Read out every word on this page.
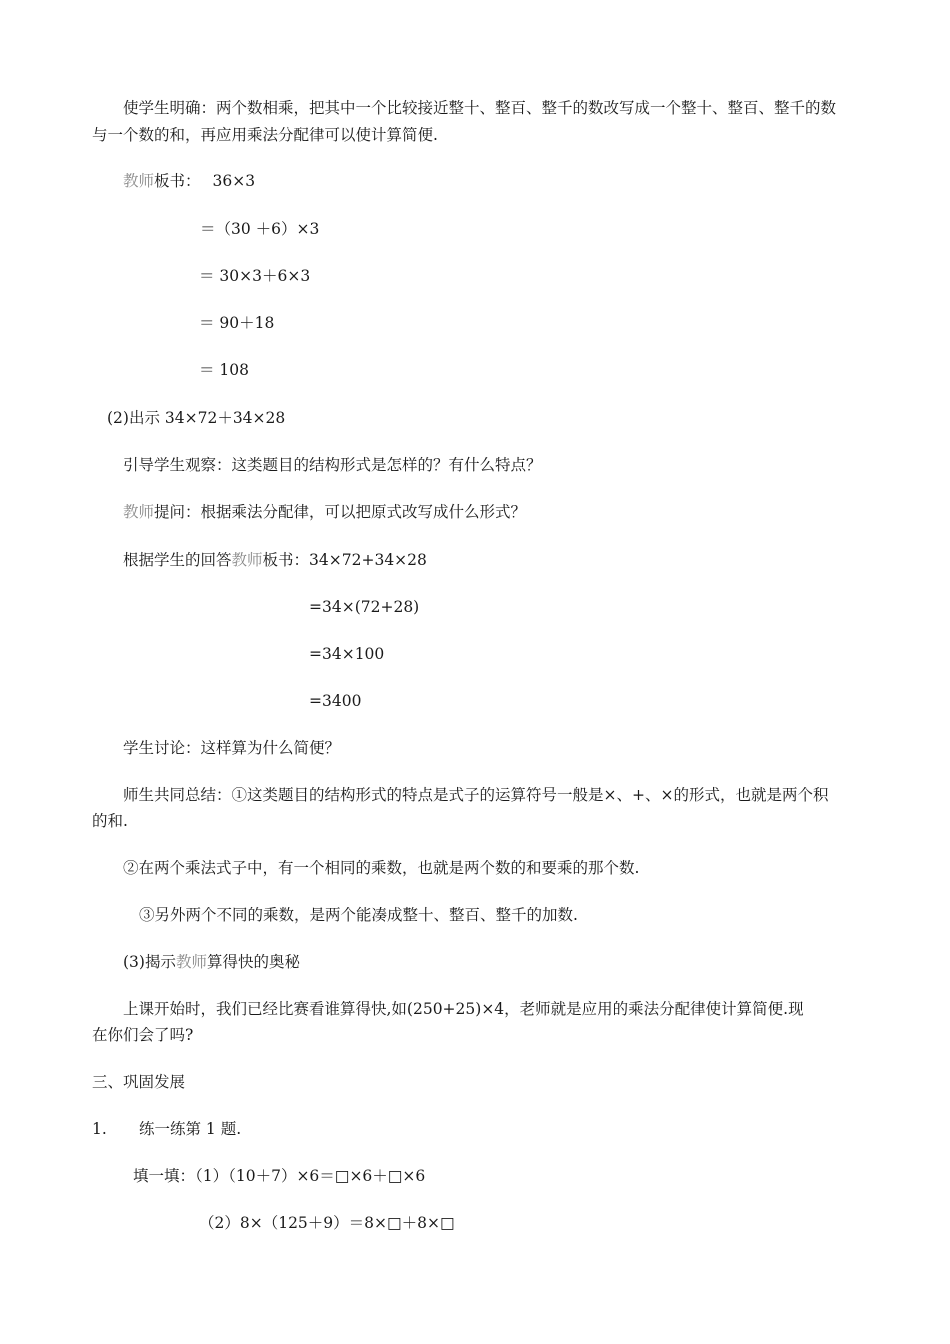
使学生明确：两个数相乘，把其中一个比较接近整十、整百、整千的数改写成一个整十、整百、整千的数
与一个数的和，再应用乘法分配律可以使计算简便.
教师板书： 36×3
＝（30 ＋6）×3
＝ 30×3＋6×3
＝ 90＋18
＝ 108
(2)出示 34×72＋34×28
引导学生观察：这类题目的结构形式是怎样的？有什么特点？
教师提问：根据乘法分配律，可以把原式改写成什么形式？
根据学生的回答教师板书：34×72+34×28
=34×(72+28)
=34×100
=3400
学生讨论：这样算为什么简便？
师生共同总结：①这类题目的结构形式的特点是式子的运算符号一般是×、+、×的形式，也就是两个积
的和.
②在两个乘法式子中，有一个相同的乘数，也就是两个数的和要乘的那个数.
③另外两个不同的乘数，是两个能凑成整十、整百、整千的加数.
(3)揭示教师算得快的奥秘
上课开始时，我们已经比赛看谁算得快,如(250+25)×4，老师就是应用的乘法分配律使计算简便.现
在你们会了吗?
三、巩固发展
1. 练一练第 1 题.
填一填：（1）（10＋7）×6＝□×6＋□×6
（2）8×（125＋9）＝8×□＋8×□
